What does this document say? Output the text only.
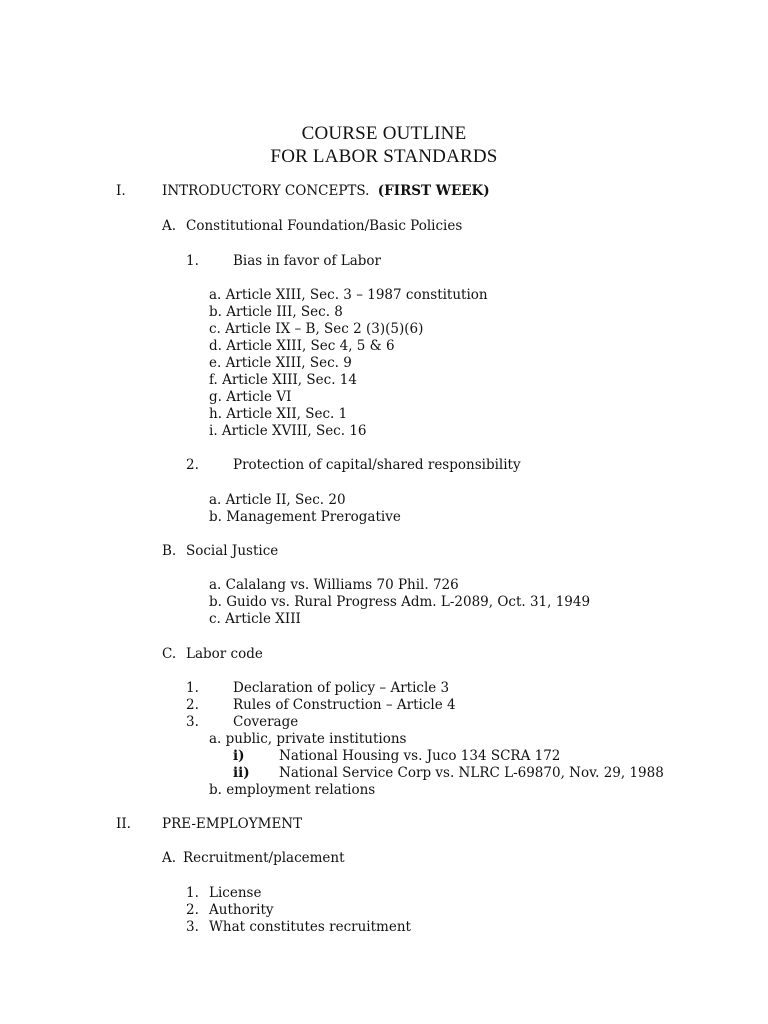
COURSE OUTLINE
FOR LABOR STANDARDS
I.	INTRODUCTORY CONCEPTS. (FIRST WEEK)
A. Constitutional Foundation/Basic Policies
1.	Bias in favor of Labor
a. Article XIII, Sec. 3 – 1987 constitution
b. Article III, Sec. 8
c. Article IX – B, Sec 2 (3)(5)(6)
d. Article XIII, Sec 4, 5 & 6
e. Article XIII, Sec. 9
f. Article XIII, Sec. 14
g. Article VI
h. Article XII, Sec. 1
i. Article XVIII, Sec. 16
2.	Protection of capital/shared responsibility
a. Article II, Sec. 20
b. Management Prerogative
B. Social Justice
a. Calalang vs. Williams 70 Phil. 726
b. Guido vs. Rural Progress Adm. L-2089, Oct. 31, 1949
c. Article XIII
C. Labor code
1.	Declaration of policy – Article 3
2.	Rules of Construction – Article 4
3.	Coverage
a. public, private institutions
i)	National Housing vs. Juco 134 SCRA 172
ii) National Service Corp vs. NLRC L-69870, Nov. 29, 1988
b. employment relations
II. PRE-EMPLOYMENT
A. Recruitment/placement
1. License
2. Authority
3. What constitutes recruitment
